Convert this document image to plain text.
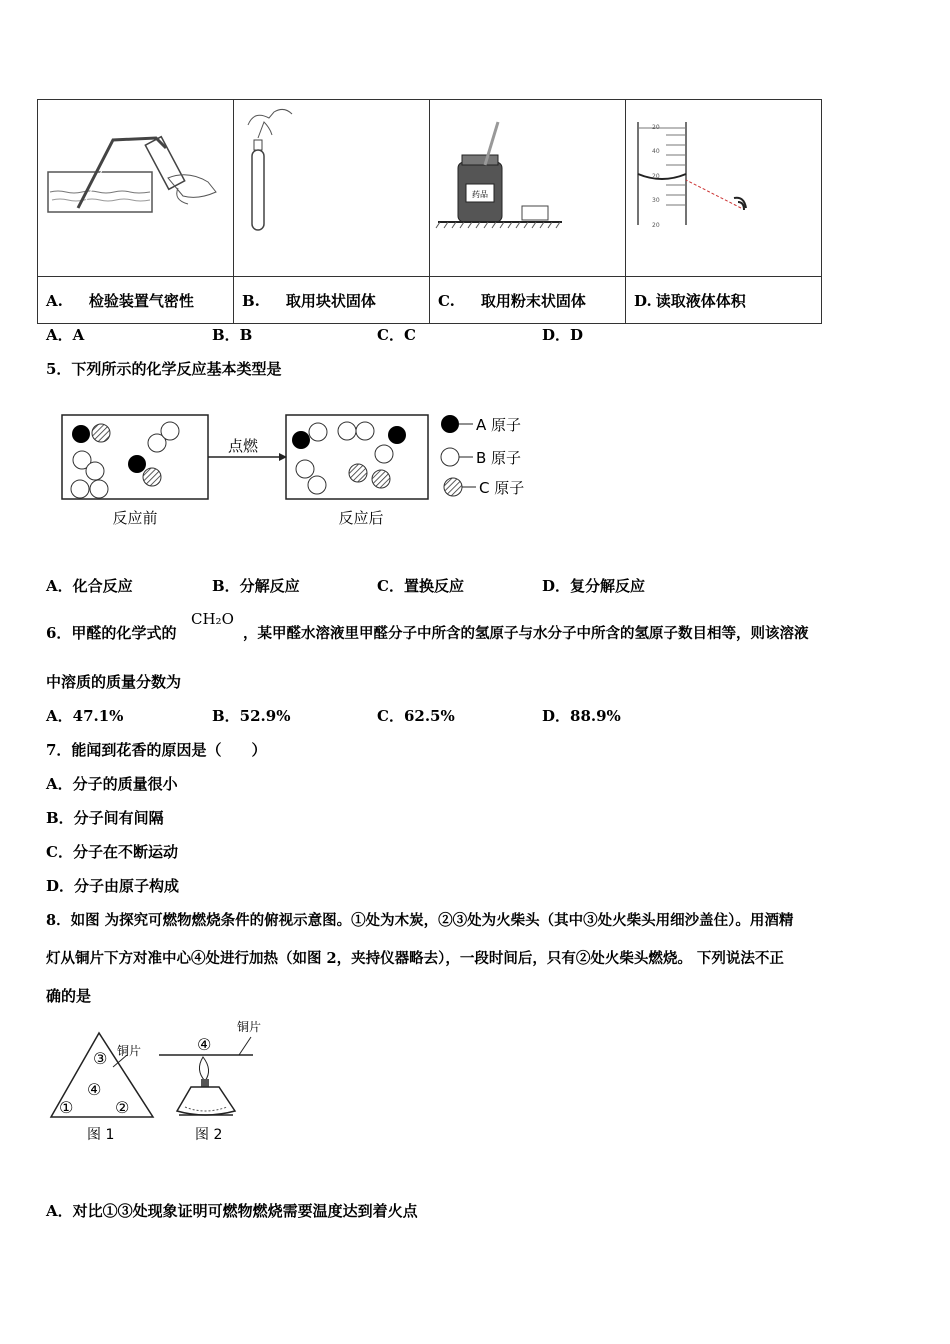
药品	20
40
20
30
20

A. 检验装置气密性	B. 取用块状固体	C. 取用粉末状固体	D. 读取液体体积
A．A	B．B	C．C	D．D
5．下列所示的化学反应基本类型是
点燃
反应前	反应后
A 原子
B 原子
C 原子
A．化合反应	B．分解反应	C．置换反应	D．复分解反应
6．甲醛的化学式的
CH₂O
，某甲醛水溶液里甲醛分子中所含的氢原子与水分子中所含的氢原子数目相等，则该溶液
中溶质的质量分数为
A．47.1%	B．52.9%	C．62.5%	D．88.9%
7．能闻到花香的原因是（　　）
A．分子的质量很小
B．分子间有间隔
C．分子在不断运动
D．分子由原子构成
8．如图 为探究可燃物燃烧条件的俯视示意图。①处为木炭，②③处为火柴头（其中③处火柴头用细沙盖住）。用酒精
灯从铜片下方对准中心④处进行加热（如图 2，夹持仪器略去），一段时间后，只有②处火柴头燃烧。 下列说法不正
确的是
③
④
①	②
铜片
图 1
铜片
④
图 2
A．对比①③处现象证明可燃物燃烧需要温度达到着火点
